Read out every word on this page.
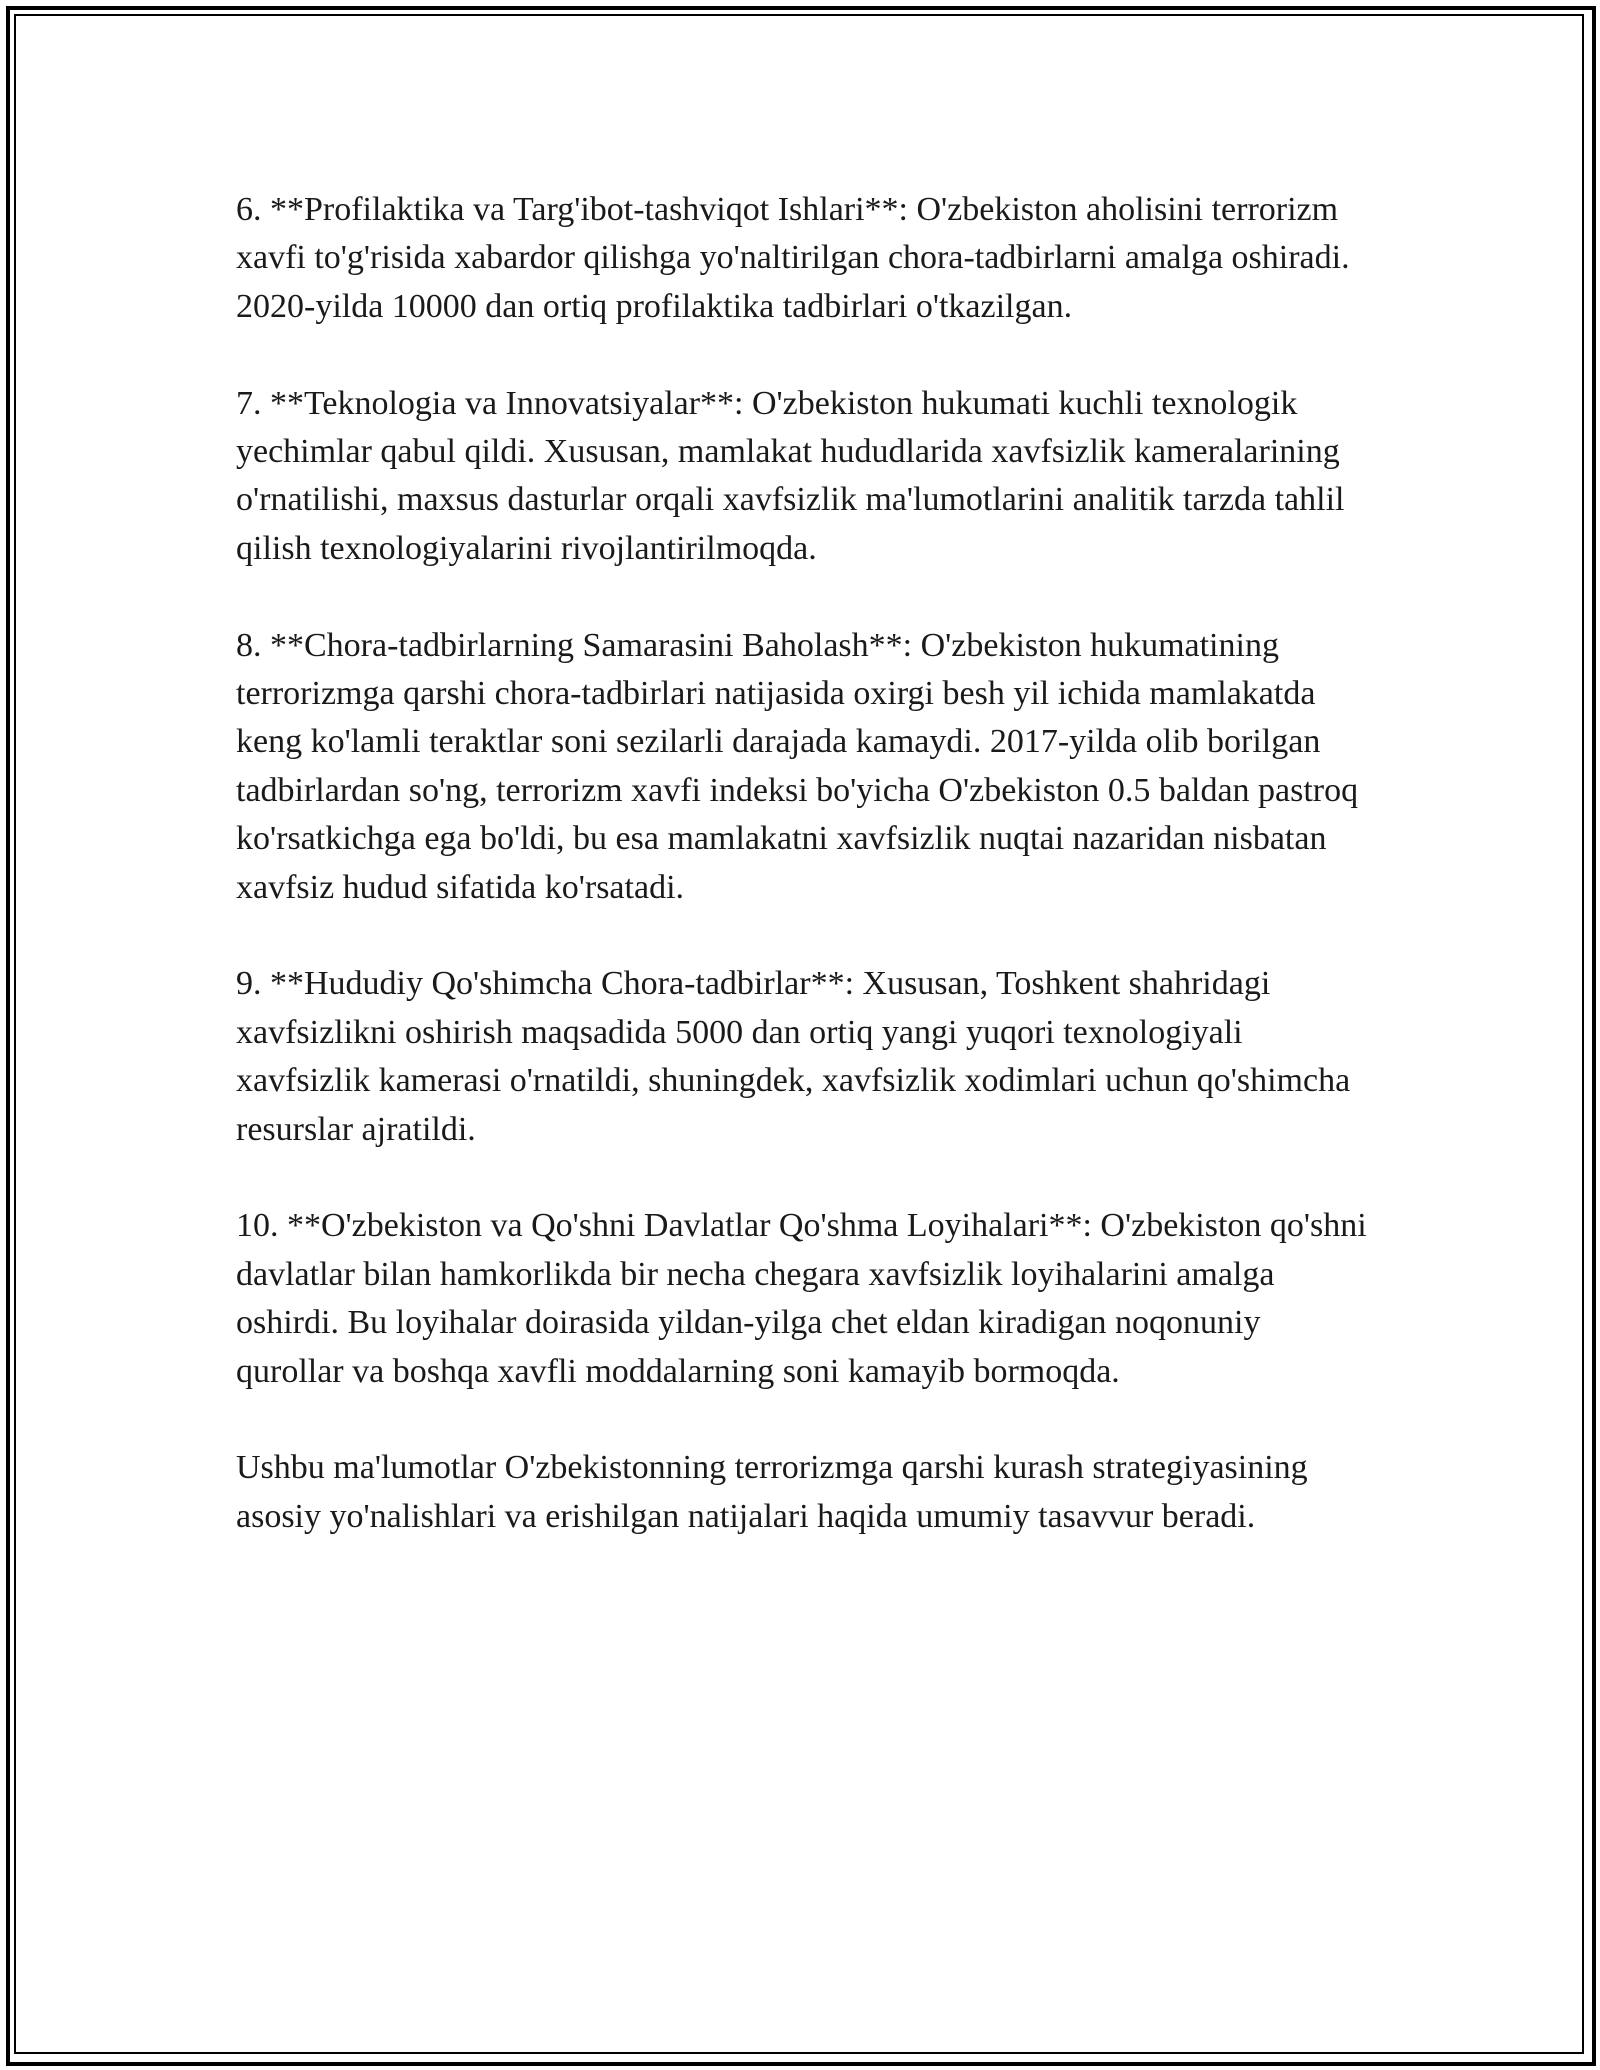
6. **Profilaktika va Targ'ibot-tashviqot Ishlari**: O'zbekiston aholisini terrorizm xavfi to'g'risida xabardor qilishga yo'naltirilgan chora-tadbirlarni amalga oshiradi. 2020-yilda 10000 dan ortiq profilaktika tadbirlari o'tkazilgan.

7. **Teknologia va Innovatsiyalar**: O'zbekiston hukumati kuchli texnologik yechimlar qabul qildi. Xususan, mamlakat hududlarida xavfsizlik kameralarining o'rnatilishi, maxsus dasturlar orqali xavfsizlik ma'lumotlarini analitik tarzda tahlil qilish texnologiyalarini rivojlantirilmoqda.

8. **Chora-tadbirlarning Samarasini Baholash**: O'zbekiston hukumatining terrorizmga qarshi chora-tadbirlari natijasida oxirgi besh yil ichida mamlakatda keng ko'lamli teraktlar soni sezilarli darajada kamaydi. 2017-yilda olib borilgan tadbirlardan so'ng, terrorizm xavfi indeksi bo'yicha O'zbekiston 0.5 baldan pastroq ko'rsatkichga ega bo'ldi, bu esa mamlakatni xavfsizlik nuqtai nazaridan nisbatan xavfsiz hudud sifatida ko'rsatadi.

9. **Hududiy Qo'shimcha Chora-tadbirlar**: Xususan, Toshkent shahridagi xavfsizlikni oshirish maqsadida 5000 dan ortiq yangi yuqori texnologiyali xavfsizlik kamerasi o'rnatildi, shuningdek, xavfsizlik xodimlari uchun qo'shimcha resurslar ajratildi.

10. **O'zbekiston va Qo'shni Davlatlar Qo'shma Loyihalari**: O'zbekiston qo'shni davlatlar bilan hamkorlikda bir necha chegara xavfsizlik loyihalarini amalga oshirdi. Bu loyihalar doirasida yildan-yilga chet eldan kiradigan noqonuniy qurollar va boshqa xavfli moddalarning soni kamayib bormoqda.

Ushbu ma'lumotlar O'zbekistonning terrorizmga qarshi kurash strategiyasining asosiy yo'nalishlari va erishilgan natijalari haqida umumiy tasavvur beradi.
